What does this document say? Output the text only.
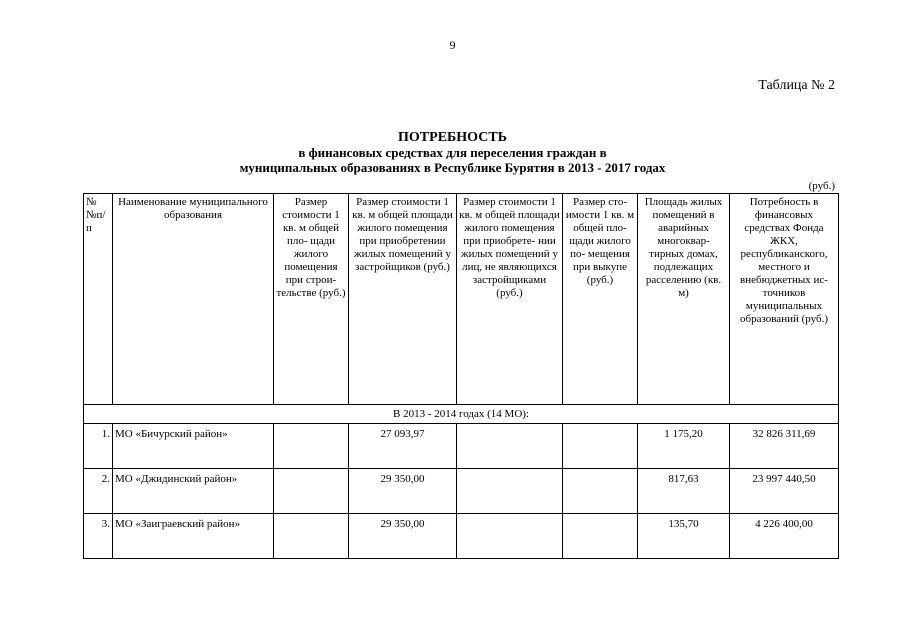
9
Таблица № 2
ПОТРЕБНОСТЬ
в финансовых средствах для переселения граждан в
муниципальных образованиях в Республике Бурятия в 2013 - 2017 годах
(руб.)
№ №п/п	Наименование муниципального образования	Размер стоимости 1 кв. м общей пло- щади жилого помещения при строи- тельстве (руб.)	Размер стоимости 1 кв. м общей площади жилого помещения при приобретении жилых помещений у застройщиков (руб.)	Размер стоимости 1 кв. м общей площади жилого помещения при приобрете- нии жилых помещений у лиц, не являющихся застройщиками (руб.)	Размер сто- имости 1 кв. м общей пло- щади жилого по- мещения при выкупе (руб.)	Площадь жилых помещений в аварийных многоквар- тирных домах, подлежащих расселению (кв. м)	Потребность в финансовых средствах Фонда ЖКХ, республиканского, местного и внебюджетных ис- точников муниципальных образований (руб.)
В 2013 - 2014 годах (14 МО):							
1.	МО «Бичурский район»		27 093,97			1 175,20	32 826 311,69
2.	МО «Джидинский район»		29 350,00			817,63	23 997 440,50
3.	МО «Заиграевский район»		29 350,00			135,70	4 226 400,00
